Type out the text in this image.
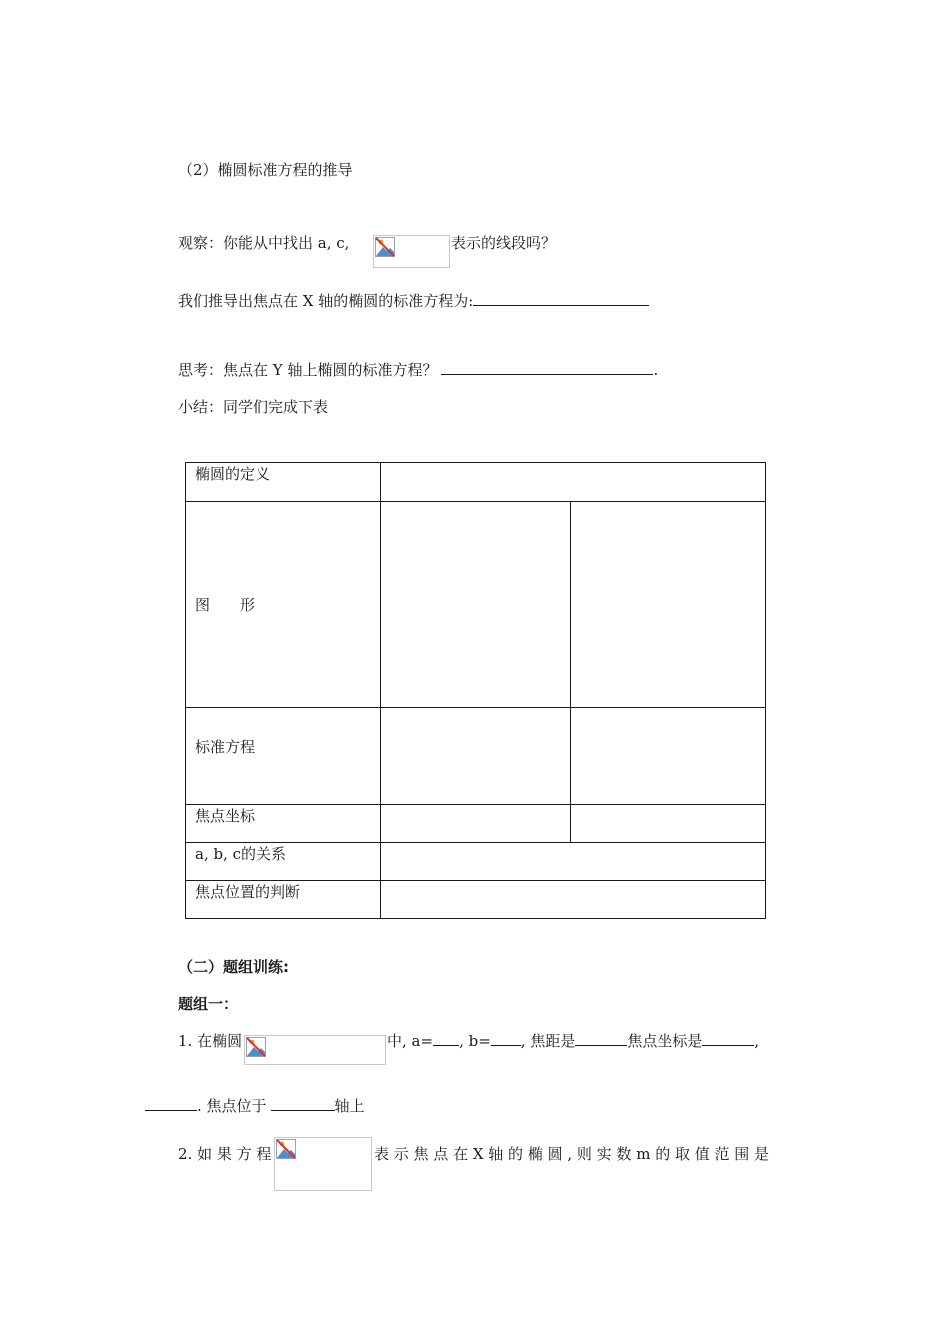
（2）椭圆标准方程的推导
观察：你能从中找出 a, c,	表示的线段吗？
我们推导出焦点在 X 轴的椭圆的标准方程为:
思考：焦点在 Y 轴上椭圆的标准方程？	.
小结：同学们完成下表
椭圆的定义		
图　　形		
标准方程		
焦点坐标		
a, b, c的关系		
焦点位置的判断		
（二）题组训练:
题组一：
1. 在椭圆	中, a= , b= , 焦距是	焦点坐标是	,
. 焦点位于	轴上
2. 如 果 方 程	表 示 焦 点 在 X 轴 的 椭 圆 , 则 实 数 m 的 取 值 范 围 是
